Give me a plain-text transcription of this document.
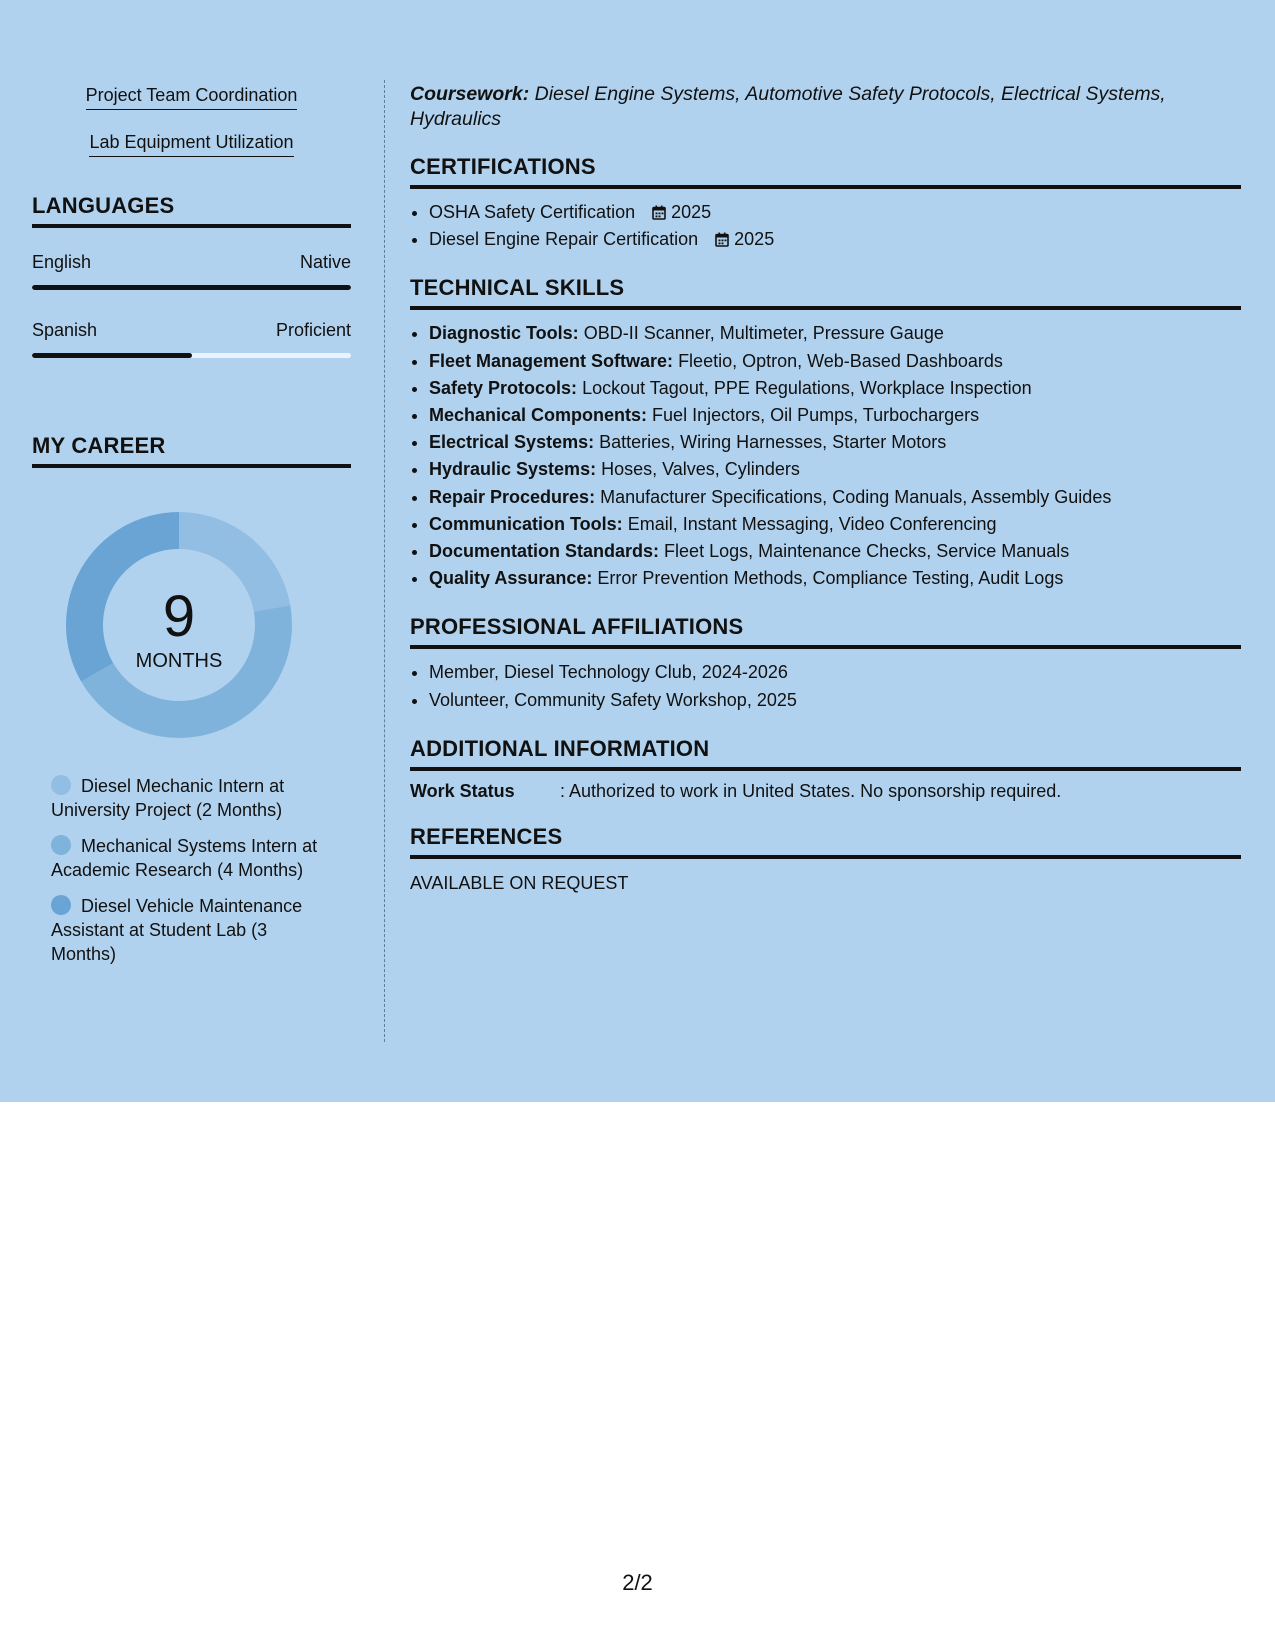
Project Team Coordination
Lab Equipment Utilization
LANGUAGES
English	Native
Spanish	Proficient
MY CAREER
9
MONTHS
Diesel Mechanic Intern at University Project (2 Months)
Mechanical Systems Intern at Academic Research (4 Months)
Diesel Vehicle Maintenance Assistant at Student Lab (3 Months)
Coursework: Diesel Engine Systems, Automotive Safety Protocols, Electrical Systems, Hydraulics
CERTIFICATIONS
• OSHA Safety Certification 2025
• Diesel Engine Repair Certification 2025
TECHNICAL SKILLS
• Diagnostic Tools: OBD-II Scanner, Multimeter, Pressure Gauge
• Fleet Management Software: Fleetio, Optron, Web-Based Dashboards
• Safety Protocols: Lockout Tagout, PPE Regulations, Workplace Inspection
• Mechanical Components: Fuel Injectors, Oil Pumps, Turbochargers
• Electrical Systems: Batteries, Wiring Harnesses, Starter Motors
• Hydraulic Systems: Hoses, Valves, Cylinders
• Repair Procedures: Manufacturer Specifications, Coding Manuals, Assembly Guides
• Communication Tools: Email, Instant Messaging, Video Conferencing
• Documentation Standards: Fleet Logs, Maintenance Checks, Service Manuals
• Quality Assurance: Error Prevention Methods, Compliance Testing, Audit Logs
PROFESSIONAL AFFILIATIONS
• Member, Diesel Technology Club, 2024-2026
• Volunteer, Community Safety Workshop, 2025
ADDITIONAL INFORMATION
Work Status	: Authorized to work in United States. No sponsorship required.
REFERENCES
AVAILABLE ON REQUEST
2/2
